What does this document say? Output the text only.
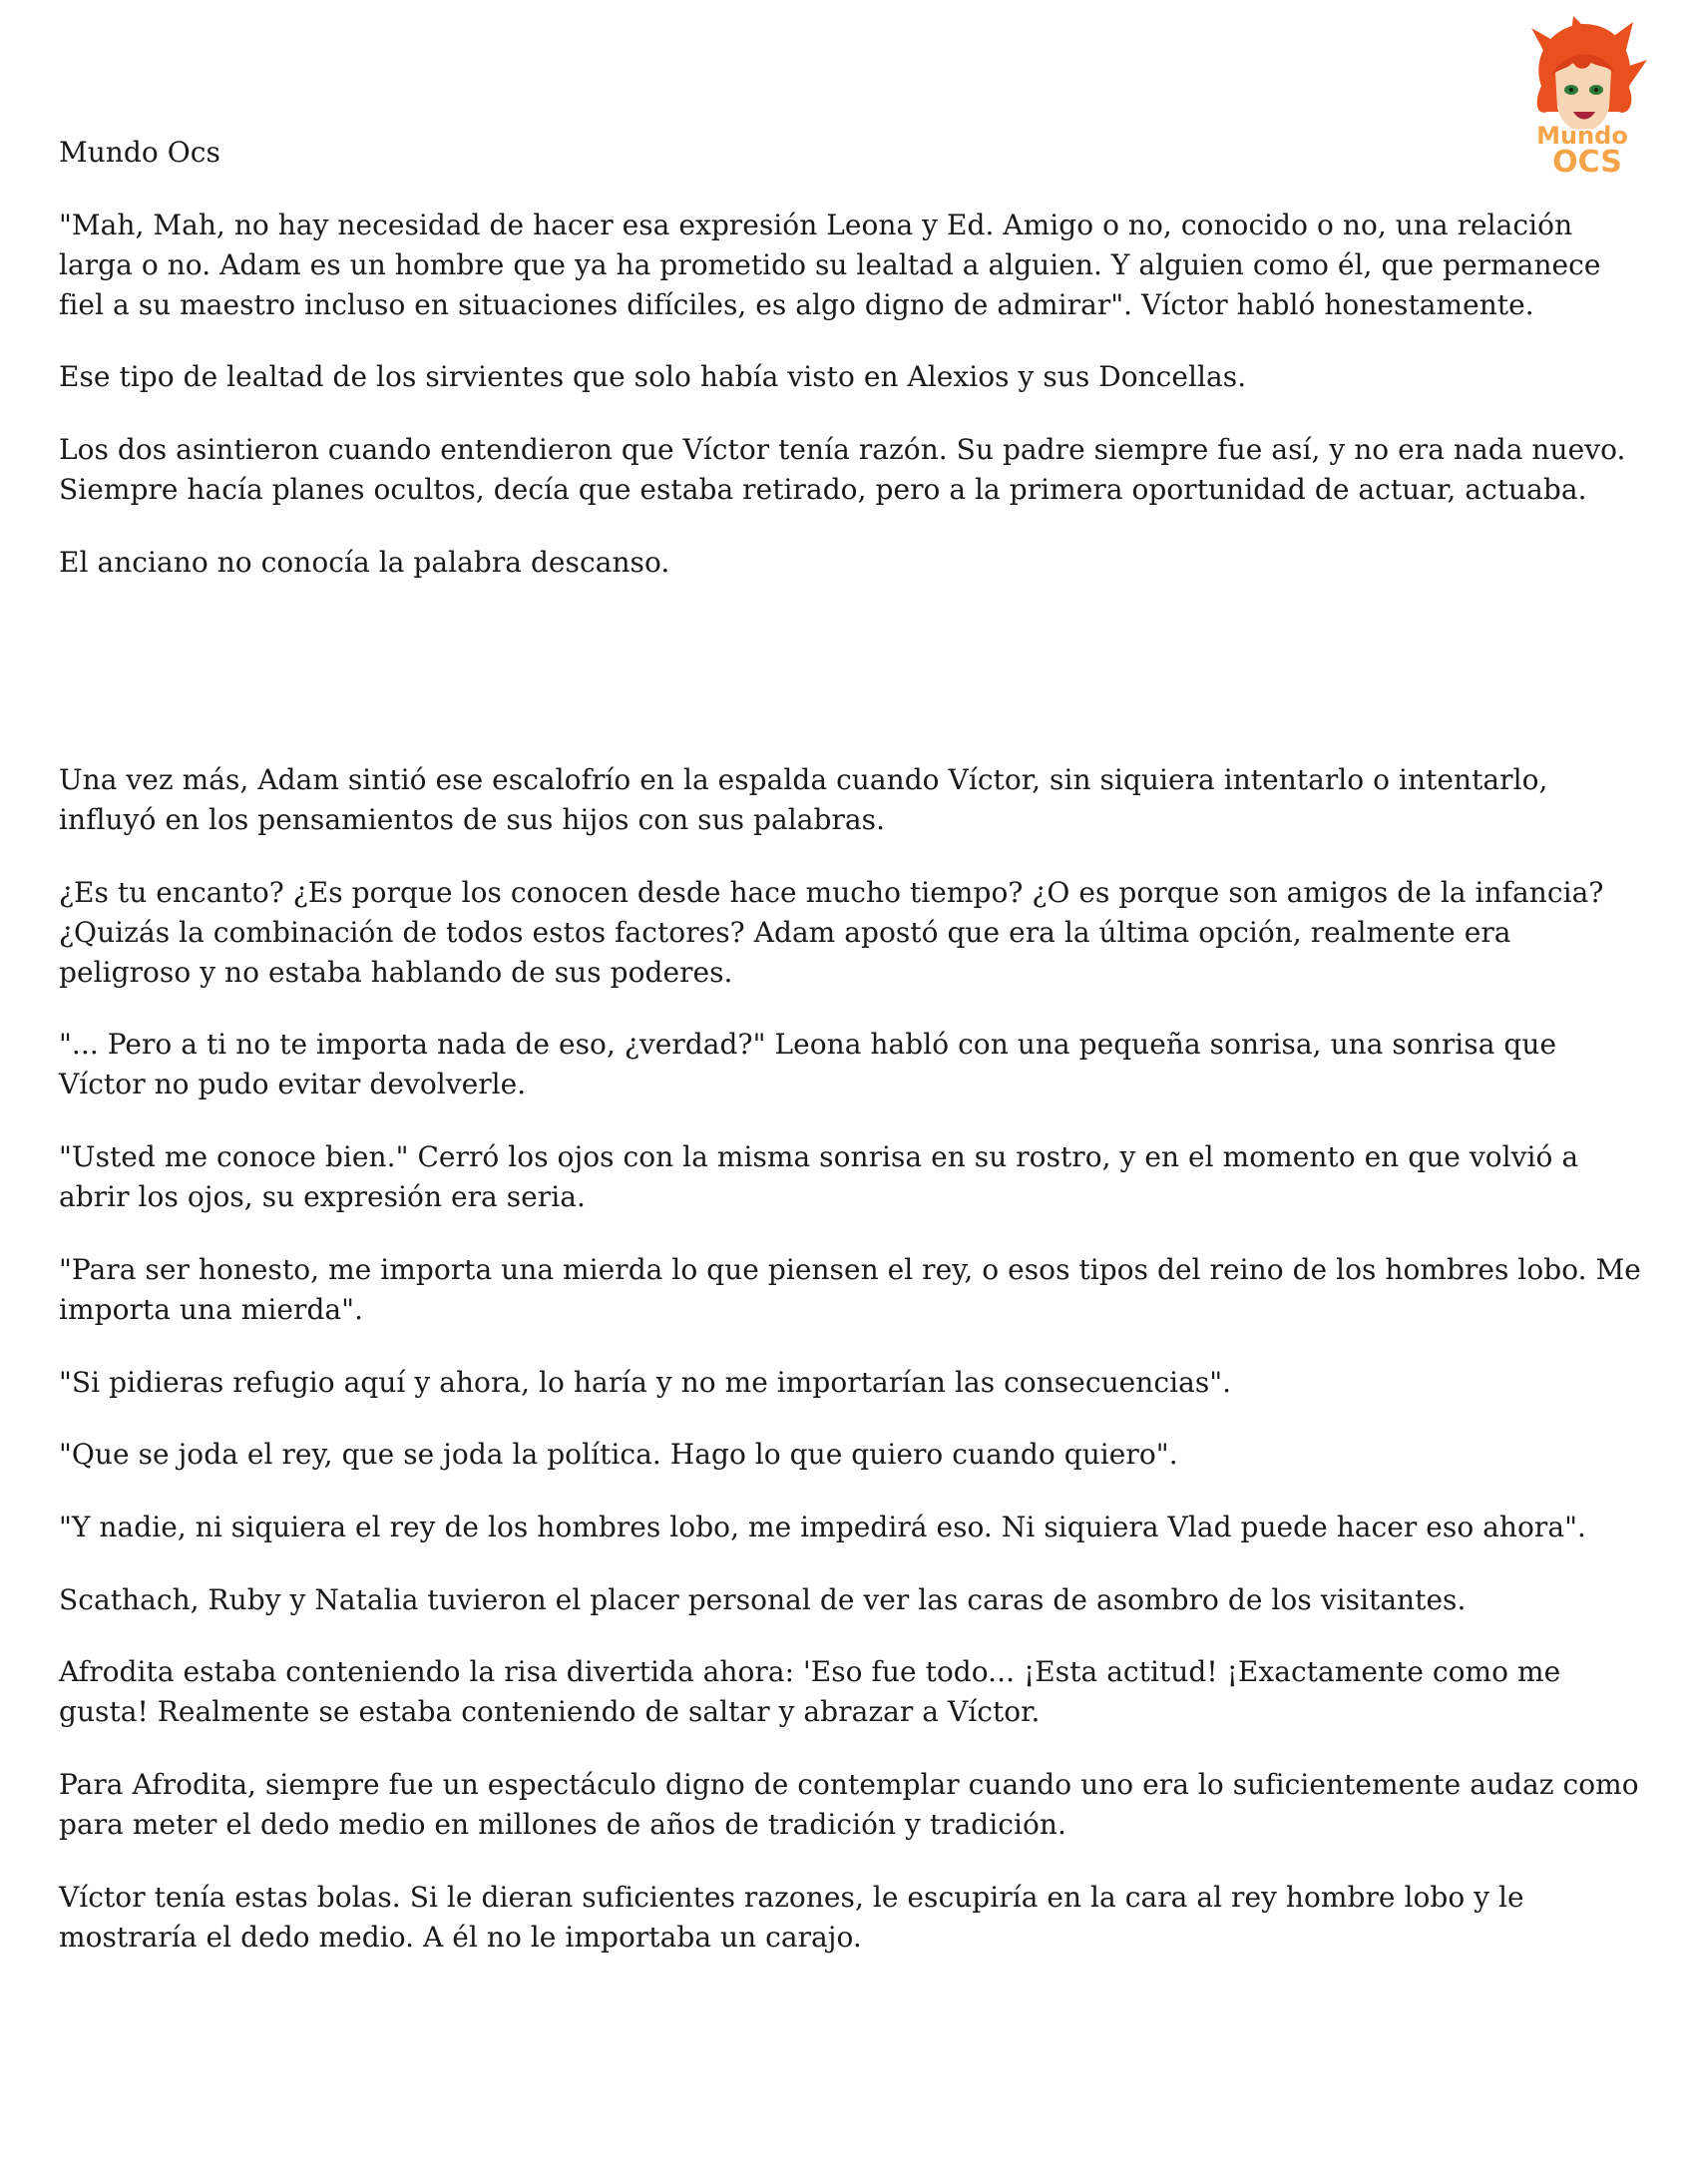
Mundo
OCS

Mundo Ocs

"Mah, Mah, no hay necesidad de hacer esa expresión Leona y Ed. Amigo o no, conocido o no, una relación larga o no. Adam es un hombre que ya ha prometido su lealtad a alguien. Y alguien como él, que permanece fiel a su maestro incluso en situaciones difíciles, es algo digno de admirar". Víctor habló honestamente.

Ese tipo de lealtad de los sirvientes que solo había visto en Alexios y sus Doncellas.

Los dos asintieron cuando entendieron que Víctor tenía razón. Su padre siempre fue así, y no era nada nuevo. Siempre hacía planes ocultos, decía que estaba retirado, pero a la primera oportunidad de actuar, actuaba.

El anciano no conocía la palabra descanso.

Una vez más, Adam sintió ese escalofrío en la espalda cuando Víctor, sin siquiera intentarlo o intentarlo, influyó en los pensamientos de sus hijos con sus palabras.

¿Es tu encanto? ¿Es porque los conocen desde hace mucho tiempo? ¿O es porque son amigos de la infancia? ¿Quizás la combinación de todos estos factores? Adam apostó que era la última opción, realmente era peligroso y no estaba hablando de sus poderes.

"... Pero a ti no te importa nada de eso, ¿verdad?" Leona habló con una pequeña sonrisa, una sonrisa que Víctor no pudo evitar devolverle.

"Usted me conoce bien." Cerró los ojos con la misma sonrisa en su rostro, y en el momento en que volvió a abrir los ojos, su expresión era seria.

"Para ser honesto, me importa una mierda lo que piensen el rey, o esos tipos del reino de los hombres lobo. Me importa una mierda".

"Si pidieras refugio aquí y ahora, lo haría y no me importarían las consecuencias".

"Que se joda el rey, que se joda la política. Hago lo que quiero cuando quiero".

"Y nadie, ni siquiera el rey de los hombres lobo, me impedirá eso. Ni siquiera Vlad puede hacer eso ahora".

Scathach, Ruby y Natalia tuvieron el placer personal de ver las caras de asombro de los visitantes.

Afrodita estaba conteniendo la risa divertida ahora: 'Eso fue todo... ¡Esta actitud! ¡Exactamente como me gusta! Realmente se estaba conteniendo de saltar y abrazar a Víctor.

Para Afrodita, siempre fue un espectáculo digno de contemplar cuando uno era lo suficientemente audaz como para meter el dedo medio en millones de años de tradición y tradición.

Víctor tenía estas bolas. Si le dieran suficientes razones, le escupiría en la cara al rey hombre lobo y le mostraría el dedo medio. A él no le importaba un carajo.
